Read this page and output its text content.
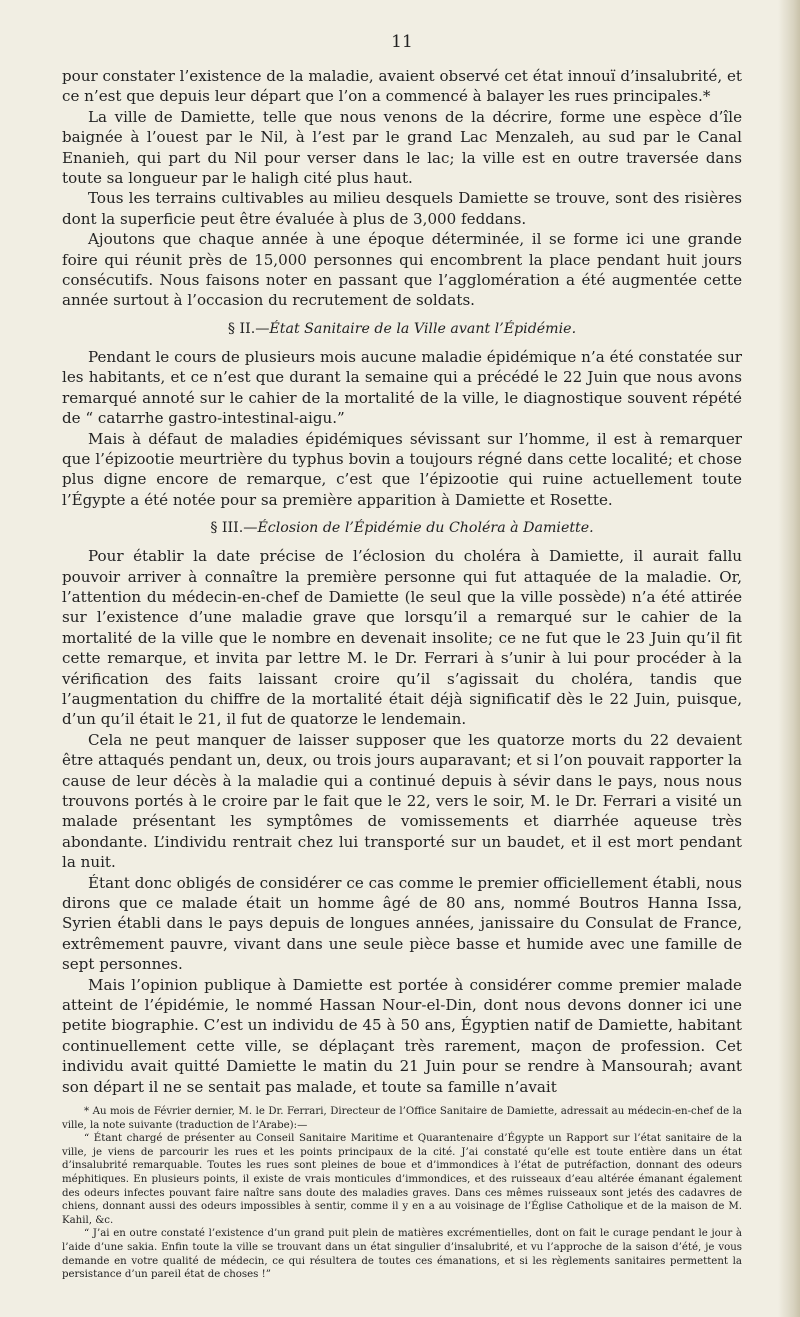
11

pour constater l’existence de la maladie, avaient observé cet état innouï d’insalubrité, et ce n’est que depuis leur départ que l’on a commencé à balayer les rues principales.*

La ville de Damiette, telle que nous venons de la décrire, forme une espèce d’île baignée à l’ouest par le Nil, à l’est par le grand Lac Menzaleh, au sud par le Canal Enanieh, qui part du Nil pour verser dans le lac; la ville est en outre traversée dans toute sa longueur par le haligh cité plus haut.

Tous les terrains cultivables au milieu desquels Damiette se trouve, sont des risières dont la superficie peut être évaluée à plus de 3,000 feddans.

Ajoutons que chaque année à une époque déterminée, il se forme ici une grande foire qui réunit près de 15,000 personnes qui encombrent la place pendant huit jours consécutifs. Nous faisons noter en passant que l’agglomération a été augmentée cette année surtout à l’occasion du recrutement de soldats.

§ II.—État Sanitaire de la Ville avant l’Épidémie.

Pendant le cours de plusieurs mois aucune maladie épidémique n’a été constatée sur les habitants, et ce n’est que durant la semaine qui a précédé le 22 Juin que nous avons remarqué annoté sur le cahier de la mortalité de la ville, le diagnostique souvent répété de “ catarrhe gastro-intestinal-aigu.”

Mais à défaut de maladies épidémiques sévissant sur l’homme, il est à remarquer que l’épizootie meurtrière du typhus bovin a toujours régné dans cette localité; et chose plus digne encore de remarque, c’est que l’épizootie qui ruine actuellement toute l’Égypte a été notée pour sa première apparition à Damiette et Rosette.

§ III.—Éclosion de l’Épidémie du Choléra à Damiette.

Pour établir la date précise de l’éclosion du choléra à Damiette, il aurait fallu pouvoir arriver à connaître la première personne qui fut attaquée de la maladie. Or, l’attention du médecin-en-chef de Damiette (le seul que la ville possède) n’a été attirée sur l’existence d’une maladie grave que lorsqu’il a remarqué sur le cahier de la mortalité de la ville que le nombre en devenait insolite; ce ne fut que le 23 Juin qu’il fit cette remarque, et invita par lettre M. le Dr. Ferrari à s’unir à lui pour procéder à la vérification des faits laissant croire qu’il s’agissait du choléra, tandis que l’augmentation du chiffre de la mortalité était déjà significatif dès le 22 Juin, puisque, d’un qu’il était le 21, il fut de quatorze le lendemain.

Cela ne peut manquer de laisser supposer que les quatorze morts du 22 devaient être attaqués pendant un, deux, ou trois jours auparavant; et si l’on pouvait rapporter la cause de leur décès à la maladie qui a continué depuis à sévir dans le pays, nous nous trouvons portés à le croire par le fait que le 22, vers le soir, M. le Dr. Ferrari a visité un malade présentant les symptômes de vomissements et diarrhée aqueuse très abondante. L’individu rentrait chez lui transporté sur un baudet, et il est mort pendant la nuit.

Étant donc obligés de considérer ce cas comme le premier officiellement établi, nous dirons que ce malade était un homme âgé de 80 ans, nommé Boutros Hanna Issa, Syrien établi dans le pays depuis de longues années, janissaire du Consulat de France, extrêmement pauvre, vivant dans une seule pièce basse et humide avec une famille de sept personnes.

Mais l’opinion publique à Damiette est portée à considérer comme premier malade atteint de l’épidémie, le nommé Hassan Nour-el-Din, dont nous devons donner ici une petite biographie. C’est un individu de 45 à 50 ans, Égyptien natif de Damiette, habitant continuellement cette ville, se déplaçant très rarement, maçon de profession. Cet individu avait quitté Damiette le matin du 21 Juin pour se rendre à Mansourah; avant son départ il ne se sentait pas malade, et toute sa famille n’avait

* Au mois de Février dernier, M. le Dr. Ferrari, Directeur de l’Office Sanitaire de Damiette, adressait au médecin-en-chef de la ville, la note suivante (traduction de l’Arabe):—

“ Étant chargé de présenter au Conseil Sanitaire Maritime et Quarantenaire d’Égypte un Rapport sur l’état sanitaire de la ville, je viens de parcourir les rues et les points principaux de la cité. J’ai constaté qu’elle est toute entière dans un état d’insalubrité remarquable. Toutes les rues sont pleines de boue et d’immondices à l’état de putréfaction, donnant des odeurs méphitiques. En plusieurs points, il existe de vrais monticules d’immondices, et des ruisseaux d’eau altérée émanant également des odeurs infectes pouvant faire naître sans doute des maladies graves. Dans ces mêmes ruisseaux sont jetés des cadavres de chiens, donnant aussi des odeurs impossibles à sentir, comme il y en a au voisinage de l’Église Catholique et de la maison de M. Kahil, &c.

“ J’ai en outre constaté l’existence d’un grand puit plein de matières excrémentielles, dont on fait le curage pendant le jour à l’aide d’une sakia. Enfin toute la ville se trouvant dans un état singulier d’insalubrité, et vu l’approche de la saison d’été, je vous demande en votre qualité de médecin, ce qui résultera de toutes ces émanations, et si les règlements sanitaires permettent la persistance d’un pareil état de choses !”
